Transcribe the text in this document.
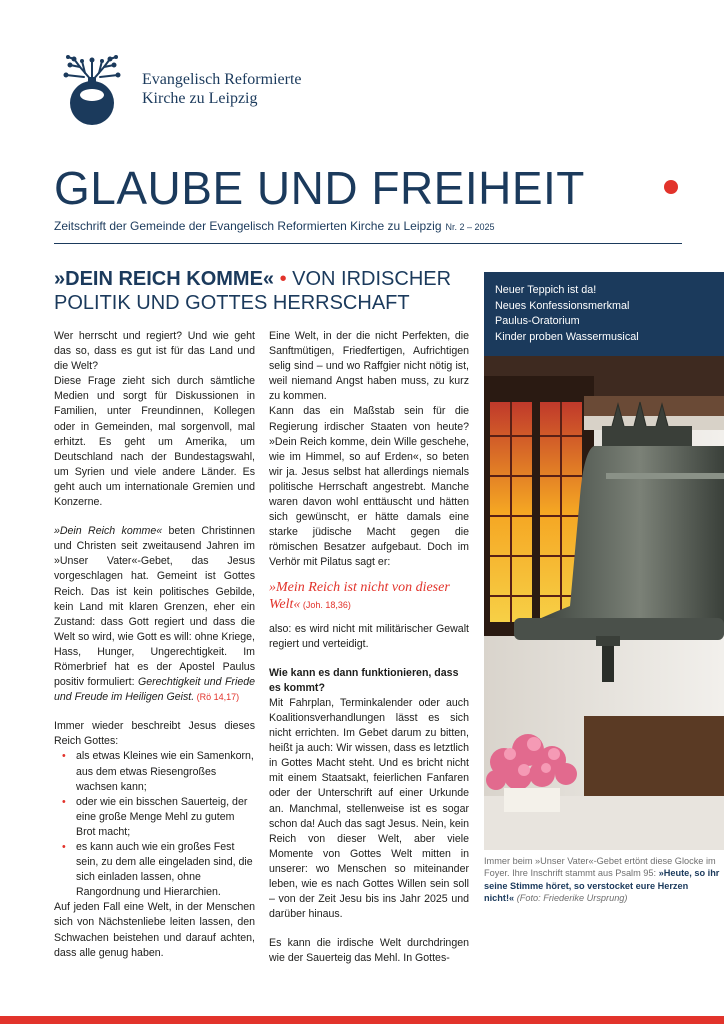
Evangelisch Reformierte
Kirche zu Leipzig
GLAUBE UND FREIHEIT
Zeitschrift der Gemeinde der Evangelisch Reformierten Kirche zu Leipzig Nr. 2 – 2025
»DEIN REICH KOMME« • VON IRDISCHER POLITIK UND GOTTES HERRSCHAFT

Wer herrscht und regiert? Und wie geht das so, dass es gut ist für das Land und die Welt?

Diese Frage zieht sich durch sämtliche Medien und sorgt für Diskussionen in Familien, unter Freundinnen, Kollegen oder in Gemeinden, mal sorgenvoll, mal erhitzt. Es geht um Amerika, um Deutschland nach der Bundestagswahl, um Syrien und viele andere Länder. Es geht auch um internationale Gremien und Konzerne.

»Dein Reich komme« beten Christinnen und Christen seit zweitausend Jahren im »Unser Vater«-Gebet, das Jesus vorgeschlagen hat. Gemeint ist Gottes Reich. Das ist kein politisches Gebilde, kein Land mit klaren Grenzen, eher ein Zustand: dass Gott regiert und dass die Welt so wird, wie Gott es will: ohne Kriege, Hass, Hunger, Ungerechtigkeit. Im Römerbrief hat es der Apostel Paulus positiv formuliert: Gerechtigkeit und Friede und Freude im Heiligen Geist. (Rö 14,17)

Immer wieder beschreibt Jesus dieses Reich Gottes:

• als etwas Kleines wie ein Samenkorn, aus dem etwas Riesengroßes wachsen kann;
• oder wie ein bisschen Sauerteig, der eine große Menge Mehl zu gutem Brot macht;
• es kann auch wie ein großes Fest sein, zu dem alle eingeladen sind, die sich einladen lassen, ohne Rangordnung und Hierarchien.

Auf jeden Fall eine Welt, in der Menschen sich von Nächstenliebe leiten lassen, den Schwachen beistehen und darauf achten, dass alle genug haben.

Eine Welt, in der die nicht Perfekten, die Sanftmütigen, Friedfertigen, Aufrichtigen selig sind – und wo Raffgier nicht nötig ist, weil niemand Angst haben muss, zu kurz zu kommen.

Kann das ein Maßstab sein für die Regierung irdischer Staaten von heute? »Dein Reich komme, dein Wille geschehe, wie im Himmel, so auf Erden«, so beten wir ja. Jesus selbst hat allerdings niemals politische Herrschaft angestrebt. Manche waren davon wohl enttäuscht und hätten sich gewünscht, er hätte damals eine starke jüdische Macht gegen die römischen Besatzer aufgebaut. Doch im Verhör mit Pilatus sagt er:

»Mein Reich ist nicht von dieser Welt« (Joh. 18,36)

also: es wird nicht mit militärischer Gewalt regiert und verteidigt.

Wie kann es dann funktionieren, dass es kommt?

Mit Fahrplan, Terminkalender oder auch Koalitionsverhandlungen lässt es sich nicht errichten. Im Gebet darum zu bitten, heißt ja auch: Wir wissen, dass es letztlich in Gottes Macht steht. Und es bricht nicht mit einem Staatsakt, feierlichen Fanfaren oder der Unterschrift auf einer Urkunde an. Manchmal, stellenweise ist es sogar schon da! Auch das sagt Jesus. Nein, kein Reich von dieser Welt, aber viele Momente von Gottes Welt mitten in unserer: wo Menschen so miteinander leben, wie es nach Gottes Willen sein soll – von der Zeit Jesu bis ins Jahr 2025 und darüber hinaus.

Es kann die irdische Welt durchdringen wie der Sauerteig das Mehl. In Gottes-

Neuer Teppich ist da!
Neues Konfessionsmerkmal
Paulus-Oratorium
Kinder proben Wassermusical
Immer beim »Unser Vater«-Gebet ertönt diese Glocke im Foyer. Ihre Inschrift stammt aus Psalm 95: »Heute, so ihr seine Stimme höret, so verstocket eure Herzen nicht!« (Foto: Friederike Ursprung)
